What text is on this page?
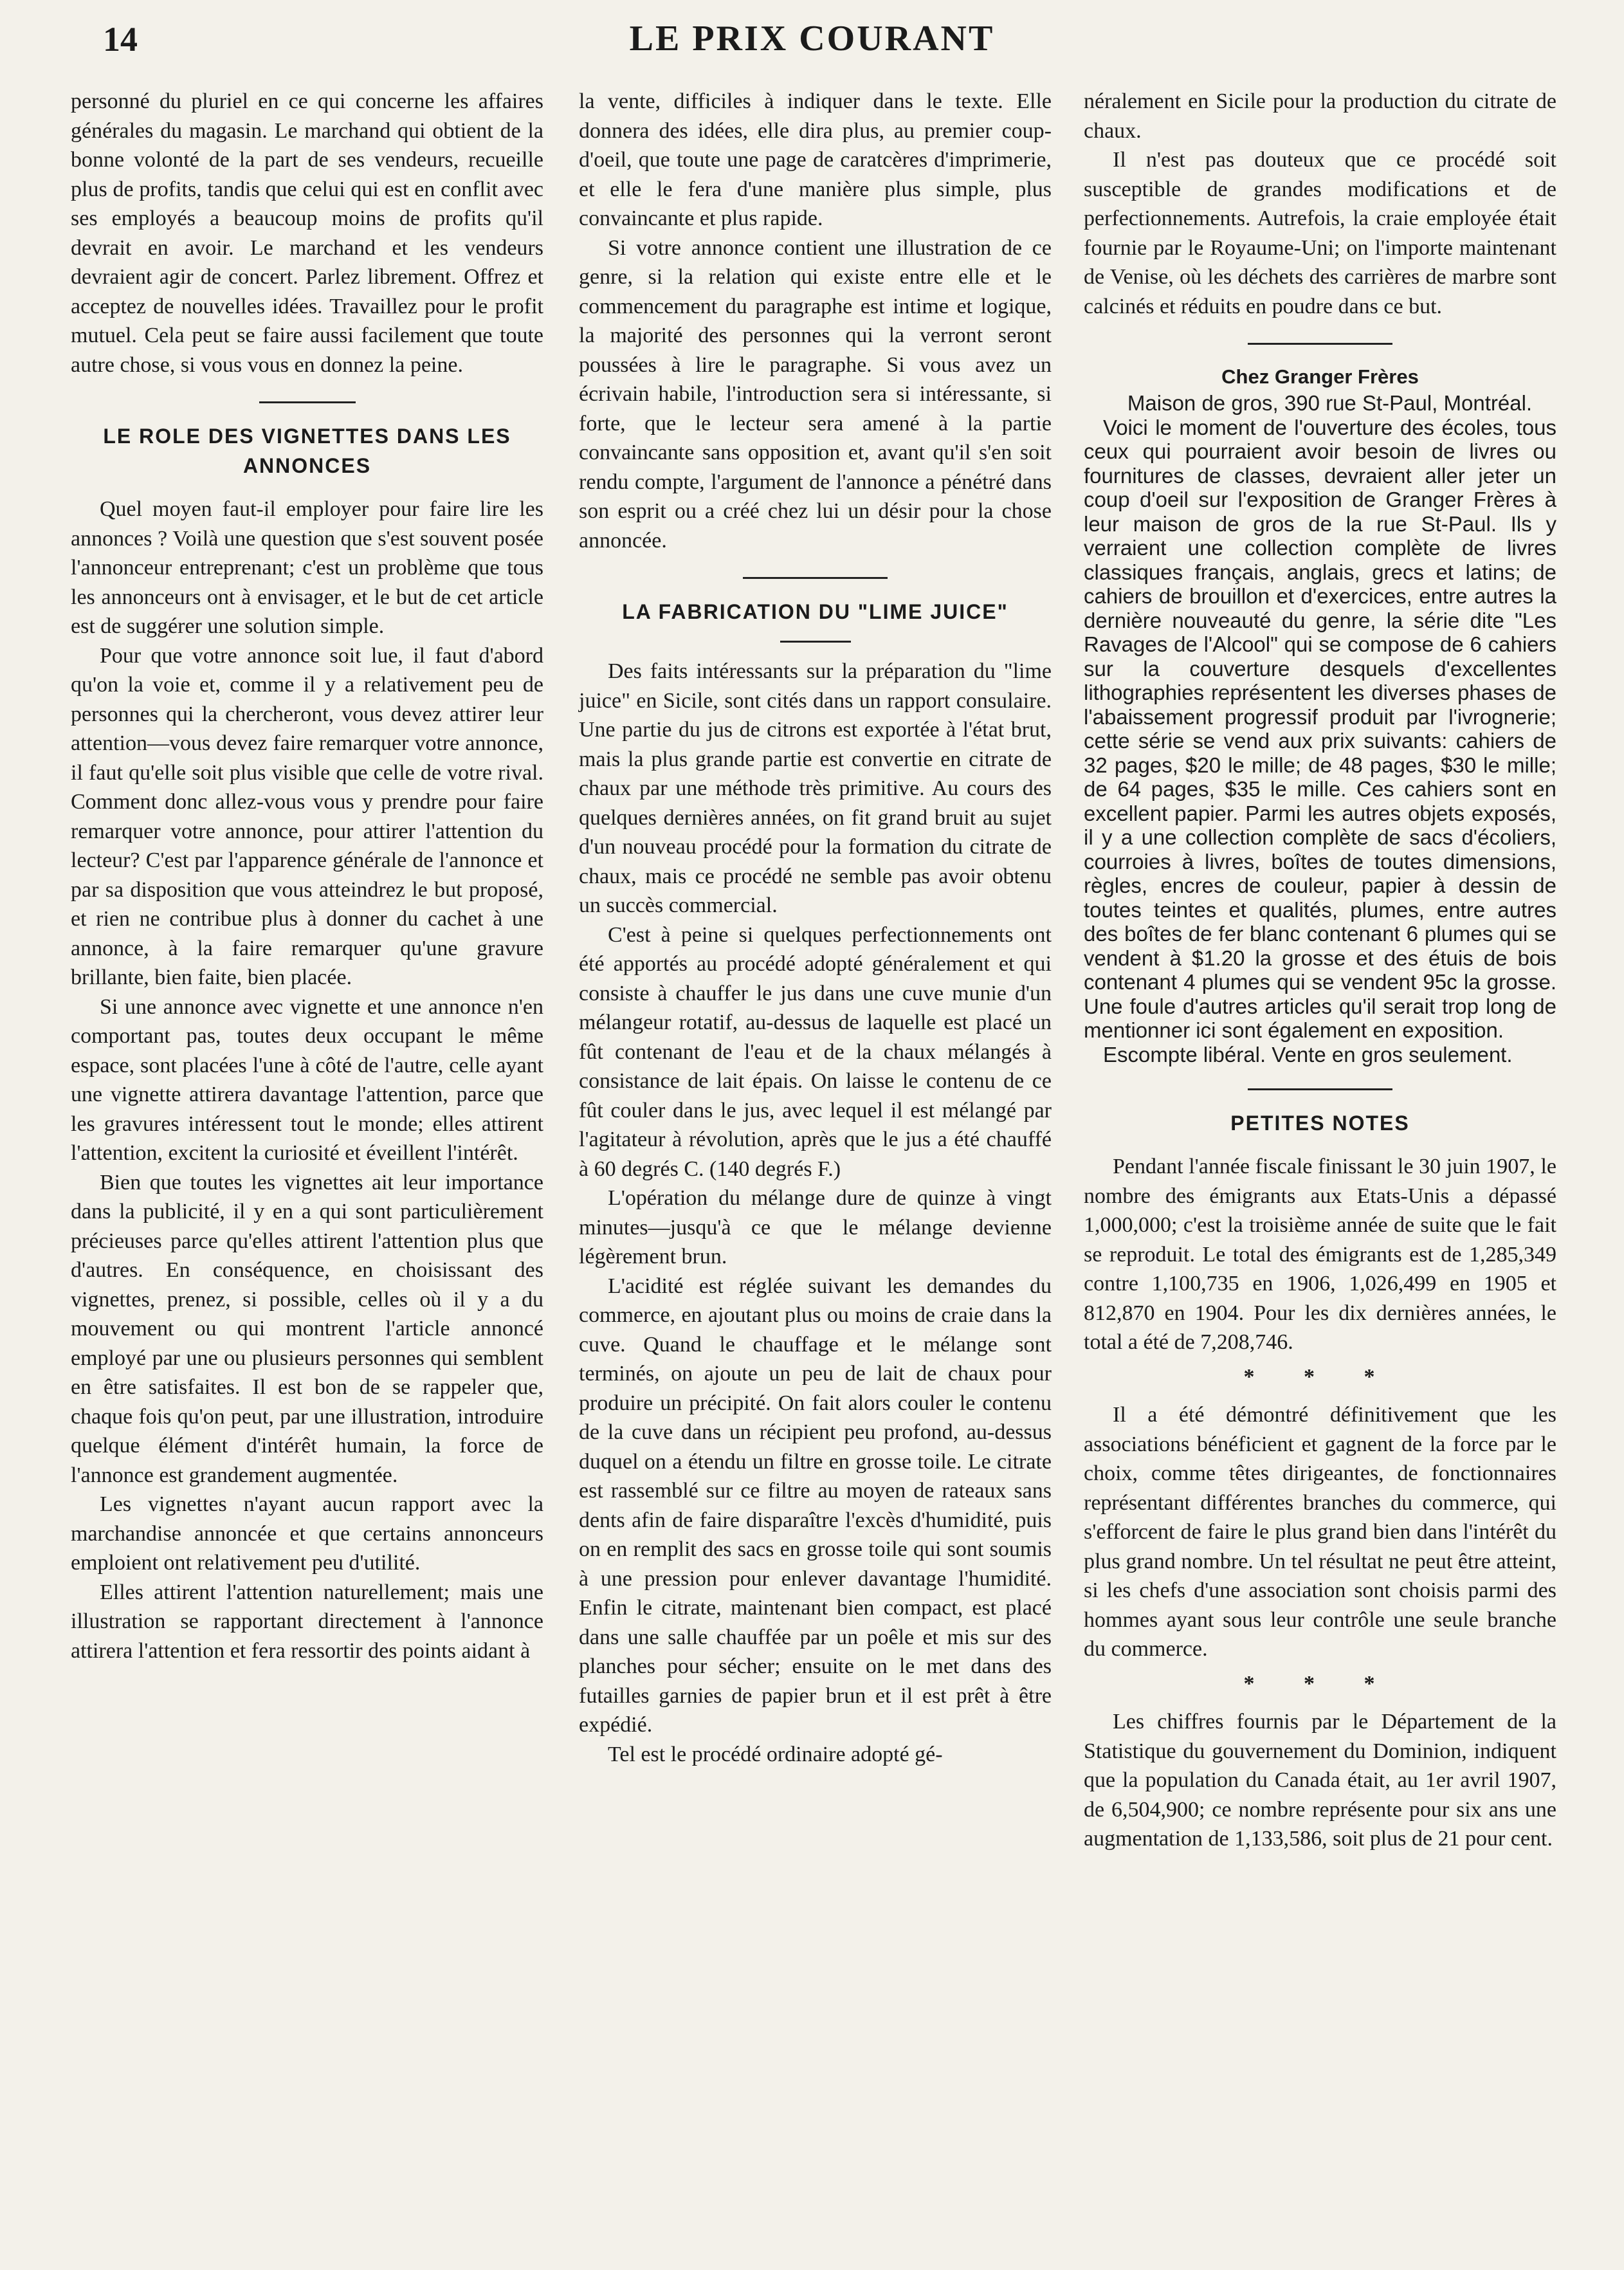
14	LE PRIX COURANT

personné du pluriel en ce qui concerne les affaires générales du magasin. Le marchand qui obtient de la bonne volonté de la part de ses vendeurs, recueille plus de profits, tandis que celui qui est en conflit avec ses employés a beaucoup moins de profits qu'il devrait en avoir. Le marchand et les vendeurs devraient agir de concert. Parlez librement. Offrez et acceptez de nouvelles idées. Travaillez pour le profit mutuel. Cela peut se faire aussi facilement que toute autre chose, si vous vous en donnez la peine.

LE ROLE DES VIGNETTES DANS LES ANNONCES

Quel moyen faut-il employer pour faire lire les annonces ? Voilà une question que s'est souvent posée l'annonceur entreprenant; c'est un problème que tous les annonceurs ont à envisager, et le but de cet article est de suggérer une solution simple.

Pour que votre annonce soit lue, il faut d'abord qu'on la voie et, comme il y a relativement peu de personnes qui la chercheront, vous devez attirer leur attention—vous devez faire remarquer votre annonce, il faut qu'elle soit plus visible que celle de votre rival. Comment donc allez-vous vous y prendre pour faire remarquer votre annonce, pour attirer l'attention du lecteur? C'est par l'apparence générale de l'annonce et par sa disposition que vous atteindrez le but proposé, et rien ne contribue plus à donner du cachet à une annonce, à la faire remarquer qu'une gravure brillante, bien faite, bien placée.

Si une annonce avec vignette et une annonce n'en comportant pas, toutes deux occupant le même espace, sont placées l'une à côté de l'autre, celle ayant une vignette attirera davantage l'attention, parce que les gravures intéressent tout le monde; elles attirent l'attention, excitent la curiosité et éveillent l'intérêt.

Bien que toutes les vignettes ait leur importance dans la publicité, il y en a qui sont particulièrement précieuses parce qu'elles attirent l'attention plus que d'autres. En conséquence, en choisissant des vignettes, prenez, si possible, celles où il y a du mouvement ou qui montrent l'article annoncé employé par une ou plusieurs personnes qui semblent en être satisfaites. Il est bon de se rappeler que, chaque fois qu'on peut, par une illustration, introduire quelque élément d'intérêt humain, la force de l'annonce est grandement augmentée.

Les vignettes n'ayant aucun rapport avec la marchandise annoncée et que certains annonceurs emploient ont relativement peu d'utilité.

Elles attirent l'attention naturellement; mais une illustration se rapportant directement à l'annonce attirera l'attention et fera ressortir des points aidant à

la vente, difficiles à indiquer dans le texte. Elle donnera des idées, elle dira plus, au premier coup-d'oeil, que toute une page de caratcères d'imprimerie, et elle le fera d'une manière plus simple, plus convaincante et plus rapide.

Si votre annonce contient une illustration de ce genre, si la relation qui existe entre elle et le commencement du paragraphe est intime et logique, la majorité des personnes qui la verront seront poussées à lire le paragraphe. Si vous avez un écrivain habile, l'introduction sera si intéressante, si forte, que le lecteur sera amené à la partie convaincante sans opposition et, avant qu'il s'en soit rendu compte, l'argument de l'annonce a pénétré dans son esprit ou a créé chez lui un désir pour la chose annoncée.

LA FABRICATION DU "LIME JUICE"

Des faits intéressants sur la préparation du "lime juice" en Sicile, sont cités dans un rapport consulaire. Une partie du jus de citrons est exportée à l'état brut, mais la plus grande partie est convertie en citrate de chaux par une méthode très primitive. Au cours des quelques dernières années, on fit grand bruit au sujet d'un nouveau procédé pour la formation du citrate de chaux, mais ce procédé ne semble pas avoir obtenu un succès commercial.

C'est à peine si quelques perfectionnements ont été apportés au procédé adopté généralement et qui consiste à chauffer le jus dans une cuve munie d'un mélangeur rotatif, au-dessus de laquelle est placé un fût contenant de l'eau et de la chaux mélangés à consistance de lait épais. On laisse le contenu de ce fût couler dans le jus, avec lequel il est mélangé par l'agitateur à révolution, après que le jus a été chauffé à 60 degrés C. (140 degrés F.)

L'opération du mélange dure de quinze à vingt minutes—jusqu'à ce que le mélange devienne légèrement brun.

L'acidité est réglée suivant les demandes du commerce, en ajoutant plus ou moins de craie dans la cuve. Quand le chauffage et le mélange sont terminés, on ajoute un peu de lait de chaux pour produire un précipité. On fait alors couler le contenu de la cuve dans un récipient peu profond, au-dessus duquel on a étendu un filtre en grosse toile. Le citrate est rassemblé sur ce filtre au moyen de rateaux sans dents afin de faire disparaître l'excès d'humidité, puis on en remplit des sacs en grosse toile qui sont soumis à une pression pour enlever davantage l'humidité. Enfin le citrate, maintenant bien compact, est placé dans une salle chauffée par un poêle et mis sur des planches pour sécher; ensuite on le met dans des futailles garnies de papier brun et il est prêt à être expédié.

Tel est le procédé ordinaire adopté gé-

néralement en Sicile pour la production du citrate de chaux.

Il n'est pas douteux que ce procédé soit susceptible de grandes modifications et de perfectionnements. Autrefois, la craie employée était fournie par le Royaume-Uni; on l'importe maintenant de Venise, où les déchets des carrières de marbre sont calcinés et réduits en poudre dans ce but.

Chez Granger Frères

Maison de gros, 390 rue St-Paul, Montréal.

Voici le moment de l'ouverture des écoles, tous ceux qui pourraient avoir besoin de livres ou fournitures de classes, devraient aller jeter un coup d'oeil sur l'exposition de Granger Frères à leur maison de gros de la rue St-Paul. Ils y verraient une collection complète de livres classiques français, anglais, grecs et latins; de cahiers de brouillon et d'exercices, entre autres la dernière nouveauté du genre, la série dite "Les Ravages de l'Alcool" qui se compose de 6 cahiers sur la couverture desquels d'excellentes lithographies représentent les diverses phases de l'abaissement progressif produit par l'ivrognerie; cette série se vend aux prix suivants: cahiers de 32 pages, $20 le mille; de 48 pages, $30 le mille; de 64 pages, $35 le mille. Ces cahiers sont en excellent papier. Parmi les autres objets exposés, il y a une collection complète de sacs d'écoliers, courroies à livres, boîtes de toutes dimensions, règles, encres de couleur, papier à dessin de toutes teintes et qualités, plumes, entre autres des boîtes de fer blanc contenant 6 plumes qui se vendent à $1.20 la grosse et des étuis de bois contenant 4 plumes qui se vendent 95c la grosse. Une foule d'autres articles qu'il serait trop long de mentionner ici sont également en exposition.

Escompte libéral. Vente en gros seulement.

PETITES NOTES

Pendant l'année fiscale finissant le 30 juin 1907, le nombre des émigrants aux Etats-Unis a dépassé 1,000,000; c'est la troisième année de suite que le fait se reproduit. Le total des émigrants est de 1,285,349 contre 1,100,735 en 1906, 1,026,499 en 1905 et 812,870 en 1904. Pour les dix dernières années, le total a été de 7,208,746.

* * *

Il a été démontré définitivement que les associations bénéficient et gagnent de la force par le choix, comme têtes dirigeantes, de fonctionnaires représentant différentes branches du commerce, qui s'efforcent de faire le plus grand bien dans l'intérêt du plus grand nombre. Un tel résultat ne peut être atteint, si les chefs d'une association sont choisis parmi des hommes ayant sous leur contrôle une seule branche du commerce.

* * *

Les chiffres fournis par le Département de la Statistique du gouvernement du Dominion, indiquent que la population du Canada était, au 1er avril 1907, de 6,504,900; ce nombre représente pour six ans une augmentation de 1,133,586, soit plus de 21 pour cent.
